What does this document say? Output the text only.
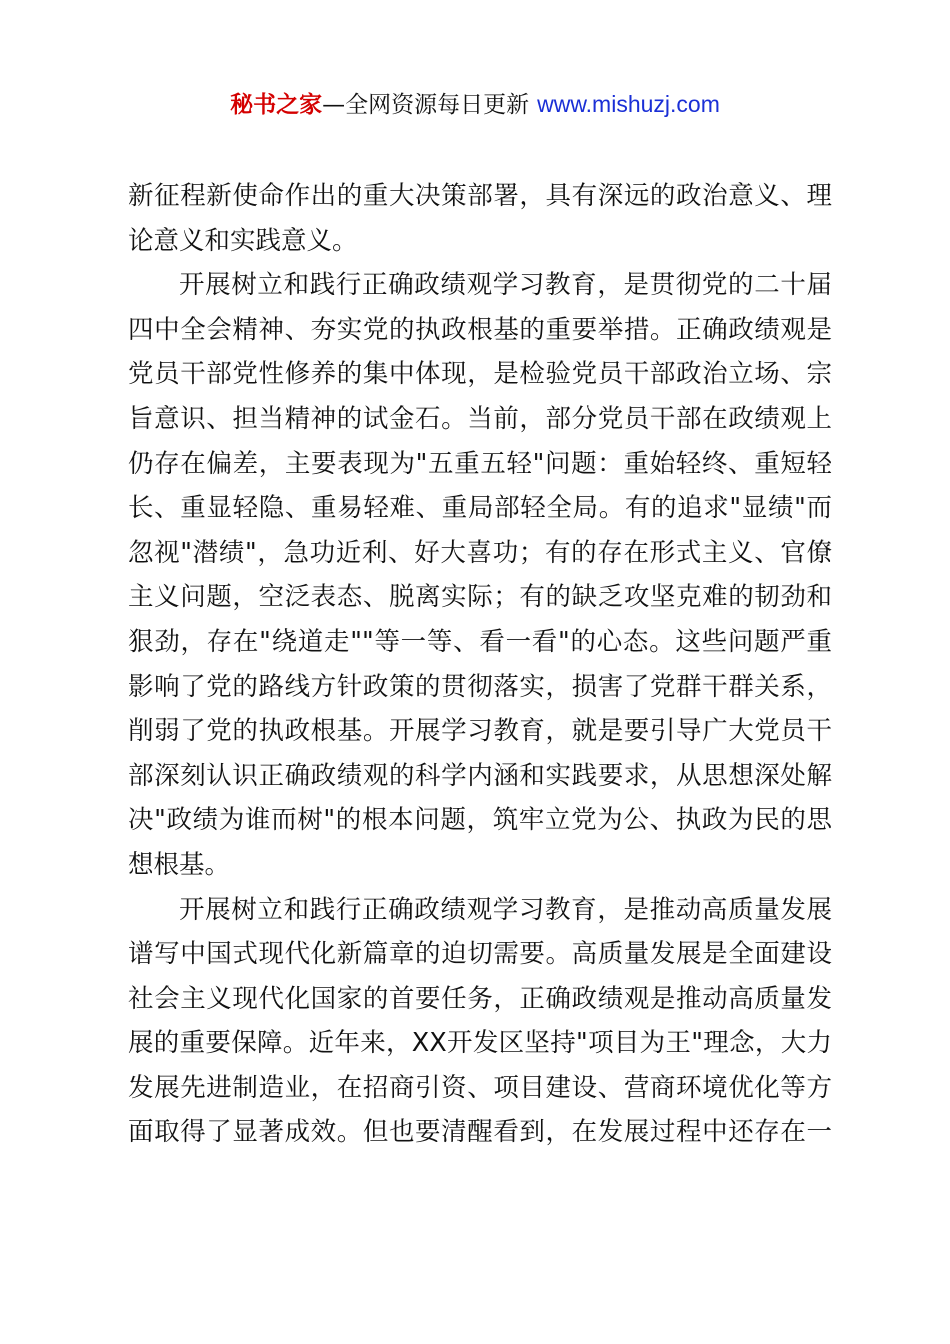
秘书之家—全网资源每日更新 www.mishuzj.com
新征程新使命作出的重大决策部署，具有深远的政治意义、理
论意义和实践意义。
开展树立和践行正确政绩观学习教育，是贯彻党的二十届
四中全会精神、夯实党的执政根基的重要举措。正确政绩观是
党员干部党性修养的集中体现，是检验党员干部政治立场、宗
旨意识、担当精神的试金石。当前，部分党员干部在政绩观上
仍存在偏差，主要表现为"五重五轻"问题：重始轻终、重短轻
长、重显轻隐、重易轻难、重局部轻全局。有的追求"显绩"而
忽视"潜绩"，急功近利、好大喜功；有的存在形式主义、官僚
主义问题，空泛表态、脱离实际；有的缺乏攻坚克难的韧劲和
狠劲，存在"绕道走""等一等、看一看"的心态。这些问题严重
影响了党的路线方针政策的贯彻落实，损害了党群干群关系，
削弱了党的执政根基。开展学习教育，就是要引导广大党员干
部深刻认识正确政绩观的科学内涵和实践要求，从思想深处解
决"政绩为谁而树"的根本问题，筑牢立党为公、执政为民的思
想根基。
开展树立和践行正确政绩观学习教育，是推动高质量发展
谱写中国式现代化新篇章的迫切需要。高质量发展是全面建设
社会主义现代化国家的首要任务，正确政绩观是推动高质量发
展的重要保障。近年来，XX开发区坚持"项目为王"理念，大力
发展先进制造业，在招商引资、项目建设、营商环境优化等方
面取得了显著成效。但也要清醒看到，在发展过程中还存在一
